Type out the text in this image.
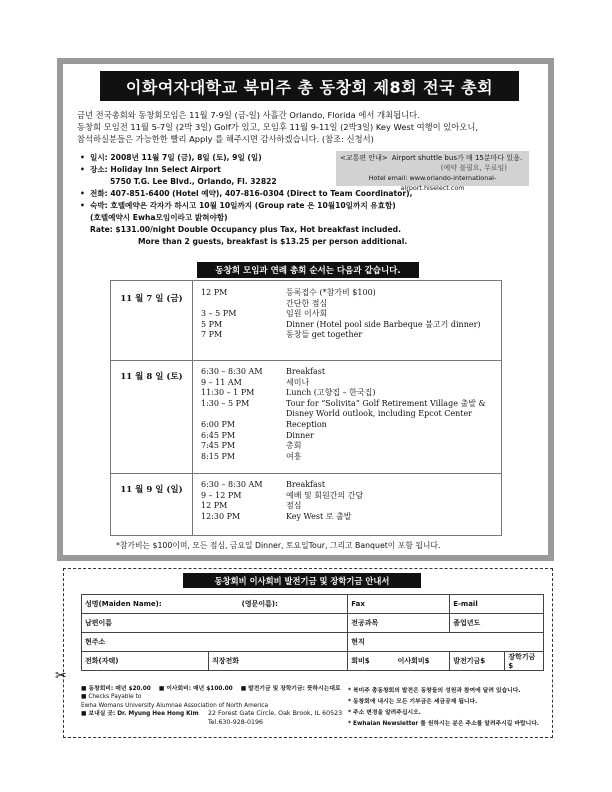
이화여자대학교 북미주 총 동창회 제8회 전국 총회

금년 전국총회와 동창회모임은 11월 7-9일 (금-일) 사흘간 Orlando, Florida 에서 개최됩니다.

동창회 모임전 11월 5-7일 (2박 3일) Golf가 있고, 모임후 11월 9-11일 (2박3일) Key West 여행이 있아오니,

참석하실분들은 가능한한 빨리 Apply 를 해주시면 감사하겠습니다. (참조: 신청서)

• 일시:
2008년 11월 7일 (금), 8일 (토), 9일 (일)
• 장소:
Holiday Inn Select Airport
5750 T.G. Lee Blvd., Orlando, Fl. 32822
• 전화:
407-851-6400 (Hotel 예약), 407-816-0304 (Direct to Team Coordinator),
• 숙박:
호텔예약은 각자가 하시고 10월 10일까지 (Group rate 은 10월10일까지 유효함)
(호텔예약시 Ewha모임이라고 밝혀야함)
Rate: $131.00/night Double Occupancy plus Tax, Hot breakfast included.
More than 2 guests, breakfast is $13.25 per person additional.
<교통편 안내> Airport shuttle bus가 매 15분마다 있음.
(예약 불필요, 무료임)
Hotel email: www.orlando-international-airport.hiselect.com
동창회 모임과 연례 총회 순서는 다음과 같습니다.
11 월 7 일 (금)
12 PM	등록접수 (*참가비 $100)
간단한 점심
3 – 5 PM	임원 이사회
5 PM	Dinner (Hotel pool side Barbeque 불고기 dinner)
7 PM	동창들 get together
11 월 8 일 (토)
6:30 – 8:30 AM	Breakfast
9 – 11 AM	세미나
11:30 – 1 PM	Lunch (고향집 – 한국집)
1:30 – 5 PM	Tour for “Solivita” Golf Retirement Village 출발 &
Disney World outlook, including Epcot Center
6:00 PM	Reception
6:45 PM	Dinner
7:45 PM	총회
8:15 PM	여흥
11 월 9 일 (일)
6:30 – 8:30 AM	Breakfast
9 – 12 PM	예배 및 회원간의 간담
12 PM	점심
12:30 PM	Key West 로 출발
*참가비는 $100이며, 모든 점심, 금요일 Dinner, 토요일Tour, 그리고 Banquet이 포함 됩니다.
✂
동창회비 이사회비 발전기금 및 장학기금 안내서
성명(Maiden Name): (영문이름):		Fax	E-mail	
남편이름		전공과목	졸업년도	
현주소		현직		
전화(자택)	직장전화	회비$ 이사회비$	발전기금$	장학기금$
■ 동창회비: 매년 $20.00 ■ 이사회비: 매년 $100.00 ■ 발전기금 및 장학기금: 뜻하시는대로
■ Checks Payable to
Ewha Womans University Alumnae Association of North America
■ 보내실 곳: Dr. Myung Hee Hong Kim	22 Forest Gate Circle, Oak Brook, IL 60523
Tel.630-928-0196
* 북미주 총동창회의 발전은 동창들의 성원과 참여에 달려 있습니다.
* 동창회에 내시는 모든 기부금은 세금공제 됩니다.
* 주소 변경을 알려주십시오.
* Ewhaian Newsletter 를 원하시는 분은 주소를 알려주시길 바랍니다.
